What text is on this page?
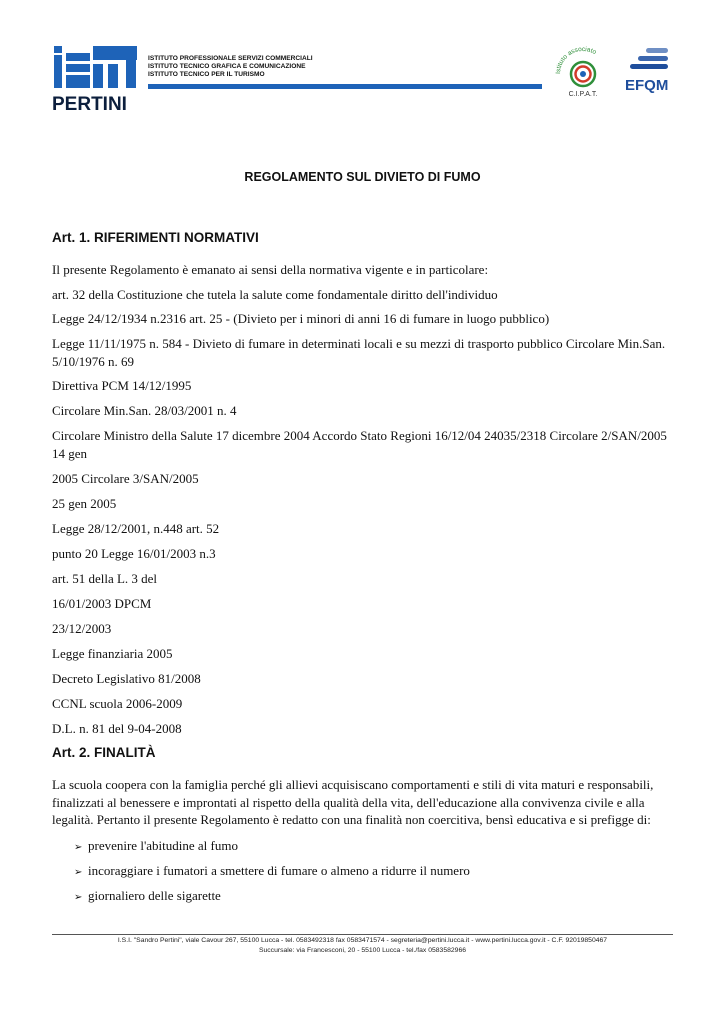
PERTINI
ISTITUTO PROFESSIONALE SERVIZI COMMERCIALI
ISTITUTO TECNICO GRAFICA E COMUNICAZIONE
ISTITUTO TECNICO PER IL TURISMO	Istituto associato
C.I.P.A.T.
EFQM
REGOLAMENTO SUL DIVIETO DI FUMO
Art. 1. RIFERIMENTI NORMATIVI
Il presente Regolamento è emanato ai sensi della normativa vigente e in particolare:
art. 32 della Costituzione che tutela la salute come fondamentale diritto dell'individuo
Legge 24/12/1934 n.2316 art. 25 - (Divieto per i minori di anni 16 di fumare in luogo pubblico)
Legge 11/11/1975 n. 584 - Divieto di fumare in determinati locali e su mezzi di trasporto pubblico Circolare Min.San. 5/10/1976 n. 69
Direttiva PCM 14/12/1995
Circolare Min.San. 28/03/2001 n. 4
Circolare Ministro della Salute 17 dicembre 2004 Accordo Stato Regioni 16/12/04 24035/2318 Circolare 2/SAN/2005 14 gen
2005 Circolare 3/SAN/2005
25 gen 2005
Legge 28/12/2001, n.448 art. 52
punto 20 Legge 16/01/2003 n.3
art. 51 della L. 3 del
16/01/2003 DPCM
23/12/2003
Legge finanziaria 2005
Decreto Legislativo 81/2008
CCNL scuola 2006-2009
D.L. n. 81 del 9-04-2008
Art. 2. FINALITÀ
La scuola coopera con la famiglia perché gli allievi acquisiscano comportamenti e stili di vita maturi e responsabili, finalizzati al benessere e improntati al rispetto della qualità della vita, dell'educazione alla convivenza civile e alla legalità. Pertanto il presente Regolamento è redatto con una finalità non coercitiva, bensì educativa e si prefigge di:
➢ prevenire l'abitudine al fumo
➢ incoraggiare i fumatori a smettere di fumare o almeno a ridurre il numero
➢ giornaliero delle sigarette
I.S.I. "Sandro Pertini", viale Cavour 267, 55100 Lucca - tel. 0583492318 fax 0583471574 - segreteria@pertini.lucca.it - www.pertini.lucca.gov.it - C.F. 92019850467
Succursale: via Francesconi, 20 - 55100 Lucca - tel./fax 0583582966
